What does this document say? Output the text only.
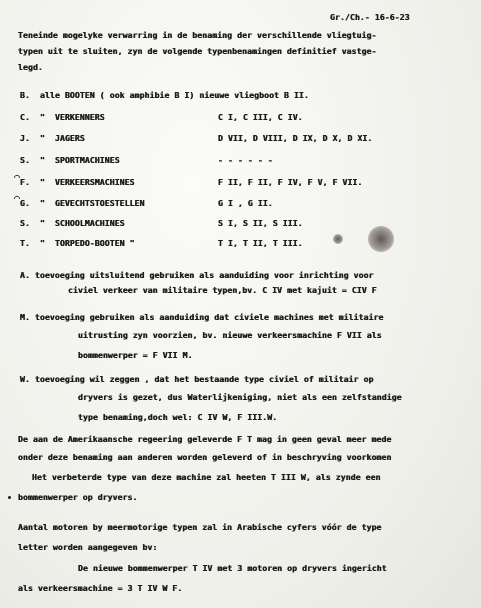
Gr./Ch.- 16-6-23
Teneinde mogelyke verwarring in de benaming der verschillende vliegtuig-
typen uit te sluiten, zyn de volgende typenbenamingen definitief vastge-
legd.
B. alle BOOTEN ( ook amphibie B I) nieuwe vliegboot B II.
C. "  VERKENNERS	C I, C III, C IV.
J. "  JAGERS	D VII, D VIII, D IX, D X, D XI.
S. "  SPORTMACHINES	- - - - - -
F. "  VERKEERSMACHINES	F II, F II, F IV, F V, F VII.
G. "  GEVECHTSTOESTELLEN	G I , G II.
S. "  SCHOOLMACHINES	S I, S II, S III.
T. "  TORPEDO-BOOTEN "	T I, T II, T III.
⌒
⌒
A. toevoeging uitsluitend gebruiken als aanduiding voor inrichting voor
civiel verkeer van militaire typen,bv. C IV met kajuit = CIV F
M. toevoeging gebruiken als aanduiding dat civiele machines met militaire
uitrusting zyn voorzien, bv. nieuwe verkeersmachine F VII als
bommenwerper = F VII M.
W. toevoeging wil zeggen , dat het bestaande type civiel of militair op
dryvers is gezet, dus Waterlijkeniging, niet als een zelfstandige
type benaming,doch wel: C IV W, F III.W.
De aan de Amerikaansche regeering geleverde F T mag in geen geval meer mede
onder deze benaming aan anderen worden geleverd of in beschryving voorkomen
Het verbeterde type van deze machine zal heeten T III W, als zynde een
bommenwerper op dryvers.
Aantal motoren by meermotorige typen zal in Arabische cyfers vóór de type
letter worden aangegeven bv:
De nieuwe bommenwerper T IV met 3 motoren op dryvers ingericht
als verkeersmachine = 3 T IV W F.
